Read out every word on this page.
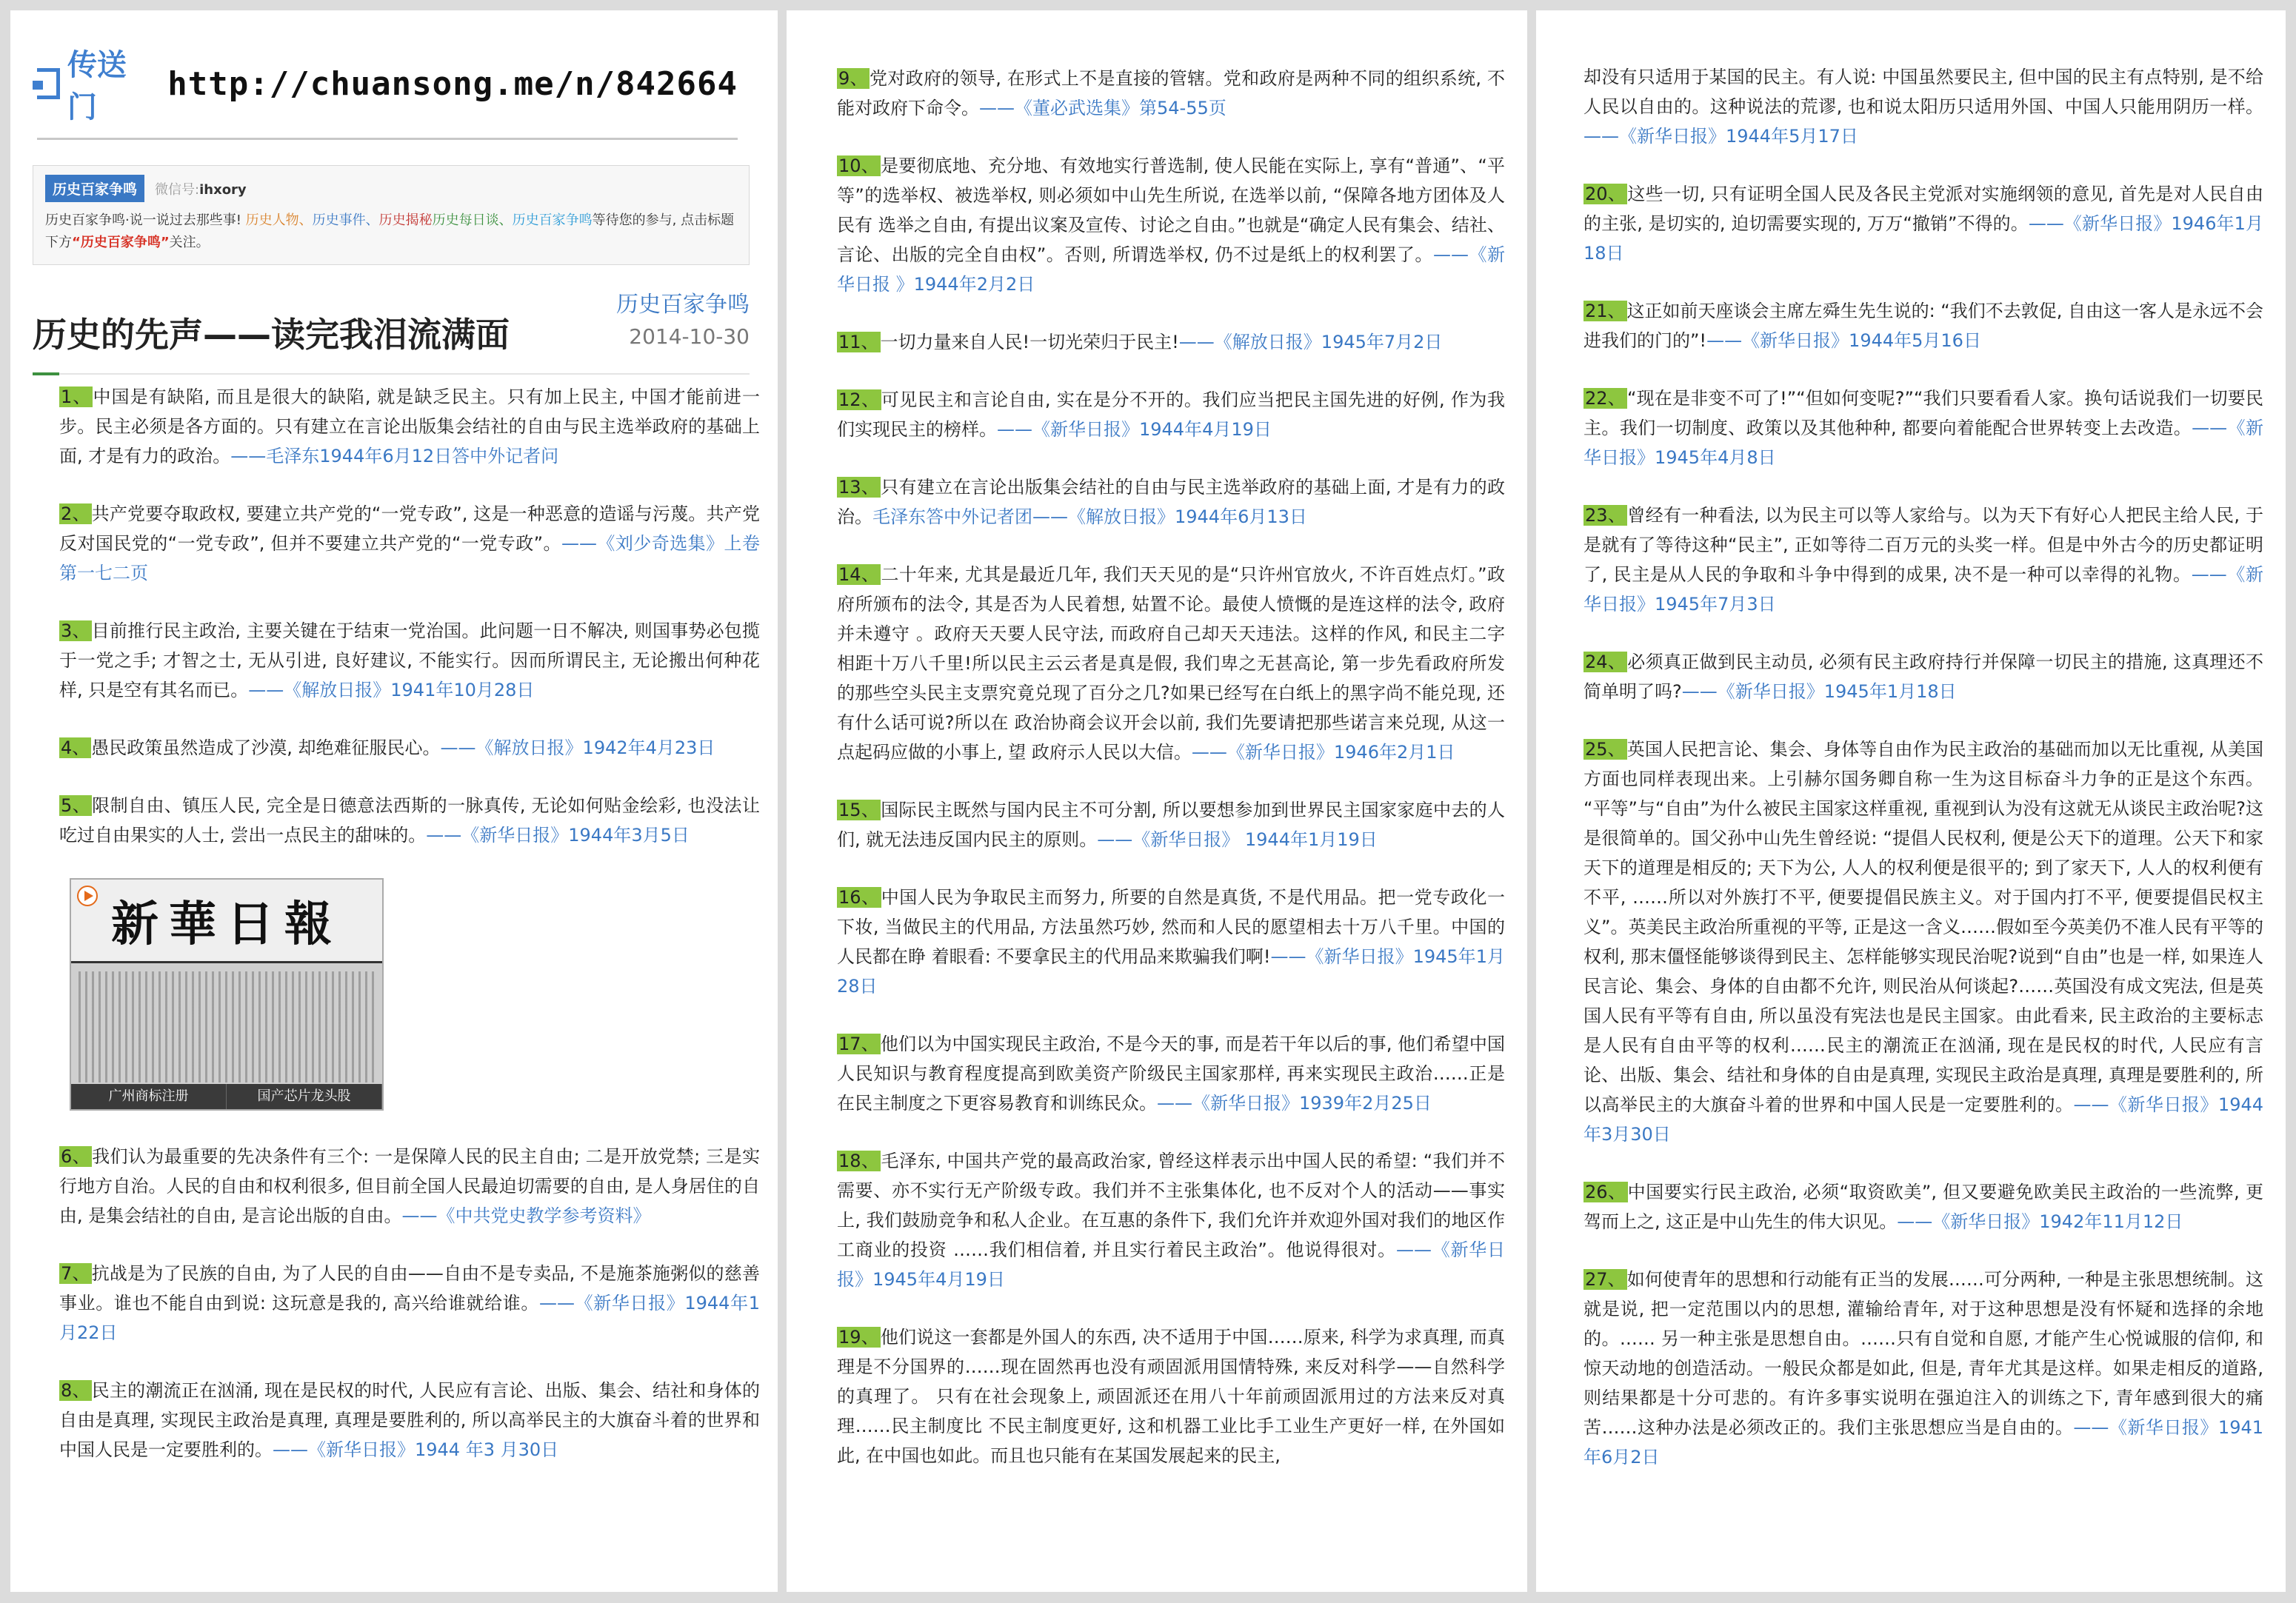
传送门
http://chuansong.me/n/842664
历史百家争鸣	微信号:ihxory
历史百家争鸣·说一说过去那些事! 历史人物、历史事件、历史揭秘历史每日谈、历史百家争鸣等待您的参与, 点击标题下方“历史百家争鸣”关注。
历史的先声——读完我泪流满面
历史百家争鸣
2014-10-30

1、中国是有缺陷, 而且是很大的缺陷, 就是缺乏民主。只有加上民主, 中国才能前进一步。民主必须是各方面的。只有建立在言论出版集会结社的自由与民主选举政府的基础上面, 才是有力的政治。——毛泽东1944年6月12日答中外记者问

2、共产党要夺取政权, 要建立共产党的“一党专政”, 这是一种恶意的造谣与污蔑。共产党反对国民党的“一党专政”, 但并不要建立共产党的“一党专政”。——《刘少奇选集》上卷第一七二页

3、目前推行民主政治, 主要关键在于结束一党治国。此问题一日不解决, 则国事势必包揽于一党之手; 才智之士, 无从引进, 良好建议, 不能实行。因而所谓民主, 无论搬出何种花样, 只是空有其名而已。——《解放日报》1941年10月28日

4、愚民政策虽然造成了沙漠, 却绝难征服民心。——《解放日报》1942年4月23日

5、限制自由、镇压人民, 完全是日德意法西斯的一脉真传, 无论如何贴金绘彩, 也没法让吃过自由果实的人士, 尝出一点民主的甜味的。——《新华日报》1944年3月5日

新華日報
广州商标注册	国产芯片龙头股

6、我们认为最重要的先决条件有三个: 一是保障人民的民主自由; 二是开放党禁; 三是实行地方自治。人民的自由和权利很多, 但目前全国人民最迫切需要的自由, 是人身居住的自由, 是集会结社的自由, 是言论出版的自由。——《中共党史教学参考资料》

7、抗战是为了民族的自由, 为了人民的自由——自由不是专卖品, 不是施茶施粥似的慈善事业。谁也不能自由到说: 这玩意是我的, 高兴给谁就给谁。——《新华日报》1944年1月22日

8、民主的潮流正在汹涌, 现在是民权的时代, 人民应有言论、出版、集会、结社和身体的自由是真理, 实现民主政治是真理, 真理是要胜利的, 所以高举民主的大旗奋斗着的世界和中国人民是一定要胜利的。——《新华日报》1944 年3 月30日

9、党对政府的领导, 在形式上不是直接的管辖。党和政府是两种不同的组织系统, 不能对政府下命令。——《董必武选集》第54-55页

10、是要彻底地、充分地、有效地实行普选制, 使人民能在实际上, 享有“普通”、“平等”的选举权、被选举权, 则必须如中山先生所说, 在选举以前, “保障各地方团体及人民有 选举之自由, 有提出议案及宣传、讨论之自由。”也就是“确定人民有集会、结社、言论、出版的完全自由权”。否则, 所谓选举权, 仍不过是纸上的权利罢了。——《新华日报 》1944年2月2日

11、一切力量来自人民!一切光荣归于民主!——《解放日报》1945年7月2日

12、可见民主和言论自由, 实在是分不开的。我们应当把民主国先进的好例, 作为我们实现民主的榜样。——《新华日报》1944年4月19日

13、只有建立在言论出版集会结社的自由与民主选举政府的基础上面, 才是有力的政治。毛泽东答中外记者团——《解放日报》1944年6月13日

14、二十年来, 尤其是最近几年, 我们天天见的是“只许州官放火, 不许百姓点灯。”政府所颁布的法令, 其是否为人民着想, 姑置不论。最使人愤慨的是连这样的法令, 政府并未遵守 。政府天天要人民守法, 而政府自己却天天违法。这样的作风, 和民主二字相距十万八千里!所以民主云云者是真是假, 我们卑之无甚高论, 第一步先看政府所发的那些空头民主支票究竟兑现了百分之几?如果已经写在白纸上的黑字尚不能兑现, 还有什么话可说?所以在 政治协商会议开会以前, 我们先要请把那些诺言来兑现, 从这一点起码应做的小事上, 望 政府示人民以大信。——《新华日报》1946年2月1日

15、国际民主既然与国内民主不可分割, 所以要想参加到世界民主国家家庭中去的人们, 就无法违反国内民主的原则。——《新华日报》 1944年1月19日

16、中国人民为争取民主而努力, 所要的自然是真货, 不是代用品。把一党专政化一下妆, 当做民主的代用品, 方法虽然巧妙, 然而和人民的愿望相去十万八千里。中国的人民都在睁 着眼看: 不要拿民主的代用品来欺骗我们啊!——《新华日报》1945年1月28日

17、他们以为中国实现民主政治, 不是今天的事, 而是若干年以后的事, 他们希望中国人民知识与教育程度提高到欧美资产阶级民主国家那样, 再来实现民主政治……正是在民主制度之下更容易教育和训练民众。——《新华日报》1939年2月25日

18、毛泽东, 中国共产党的最高政治家, 曾经这样表示出中国人民的希望: “我们并不需要、亦不实行无产阶级专政。我们并不主张集体化, 也不反对个人的活动——事实上, 我们鼓励竞争和私人企业。在互惠的条件下, 我们允许并欢迎外国对我们的地区作工商业的投资 ……我们相信着, 并且实行着民主政治”。他说得很对。——《新华日报》1945年4月19日

19、他们说这一套都是外国人的东西, 决不适用于中国……原来, 科学为求真理, 而真理是不分国界的……现在固然再也没有顽固派用国情特殊, 来反对科学——自然科学的真理了。 只有在社会现象上, 顽固派还在用八十年前顽固派用过的方法来反对真理……民主制度比 不民主制度更好, 这和机器工业比手工业生产更好一样, 在外国如此, 在中国也如此。而且也只能有在某国发展起来的民主,

却没有只适用于某国的民主。有人说: 中国虽然要民主, 但中国的民主有点特别, 是不给人民以自由的。这种说法的荒谬, 也和说太阳历只适用外国、中国人只能用阴历一样。——《新华日报》1944年5月17日

20、这些一切, 只有证明全国人民及各民主党派对实施纲领的意见, 首先是对人民自由的主张, 是切实的, 迫切需要实现的, 万万“撤销”不得的。——《新华日报》1946年1月18日

21、这正如前天座谈会主席左舜生先生说的: “我们不去敦促, 自由这一客人是永远不会进我们的门的”!——《新华日报》1944年5月16日

22、“现在是非变不可了!”“但如何变呢?”“我们只要看看人家。换句话说我们一切要民主。我们一切制度、政策以及其他种种, 都要向着能配合世界转变上去改造。——《新华日报》1945年4月8日

23、曾经有一种看法, 以为民主可以等人家给与。以为天下有好心人把民主给人民, 于是就有了等待这种“民主”, 正如等待二百万元的头奖一样。但是中外古今的历史都证明了, 民主是从人民的争取和斗争中得到的成果, 决不是一种可以幸得的礼物。——《新华日报》1945年7月3日

24、必须真正做到民主动员, 必须有民主政府持行并保障一切民主的措施, 这真理还不简单明了吗?——《新华日报》1945年1月18日

25、英国人民把言论、集会、身体等自由作为民主政治的基础而加以无比重视, 从美国方面也同样表现出来。上引赫尔国务卿自称一生为这目标奋斗力争的正是这个东西。 “平等”与“自由”为什么被民主国家这样重视, 重视到认为没有这就无从谈民主政治呢?这是很简单的。国父孙中山先生曾经说: “提倡人民权利, 便是公天下的道理。公天下和家天下的道理是相反的; 天下为公, 人人的权利便是很平的; 到了家天下, 人人的权利便有不平, ……所以对外族打不平, 便要提倡民族主义。对于国内打不平, 便要提倡民权主义”。英美民主政治所重视的平等, 正是这一含义……假如至今英美仍不准人民有平等的权利, 那末僵怪能够谈得到民主、怎样能够实现民治呢?说到“自由”也是一样, 如果连人民言论、集会、身体的自由都不允许, 则民治从何谈起?……英国没有成文宪法, 但是英国人民有平等有自由, 所以虽没有宪法也是民主国家。由此看来, 民主政治的主要标志是人民有自由平等的权利……民主的潮流正在汹涌, 现在是民权的时代, 人民应有言论、出版、集会、结社和身体的自由是真理, 实现民主政治是真理, 真理是要胜利的, 所以高举民主的大旗奋斗着的世界和中国人民是一定要胜利的。——《新华日报》1944年3月30日

26、中国要实行民主政治, 必须“取资欧美”, 但又要避免欧美民主政治的一些流弊, 更驾而上之, 这正是中山先生的伟大识见。——《新华日报》1942年11月12日

27、如何使青年的思想和行动能有正当的发展……可分两种, 一种是主张思想统制。这就是说, 把一定范围以内的思想, 灌输给青年, 对于这种思想是没有怀疑和选择的余地的。…… 另一种主张是思想自由。……只有自觉和自愿, 才能产生心悦诚服的信仰, 和惊天动地的创造活动。一般民众都是如此, 但是, 青年尤其是这样。如果走相反的道路, 则结果都是十分可悲的。有许多事实说明在强迫注入的训练之下, 青年感到很大的痛苦……这种办法是必须改正的。我们主张思想应当是自由的。——《新华日报》1941年6月2日
